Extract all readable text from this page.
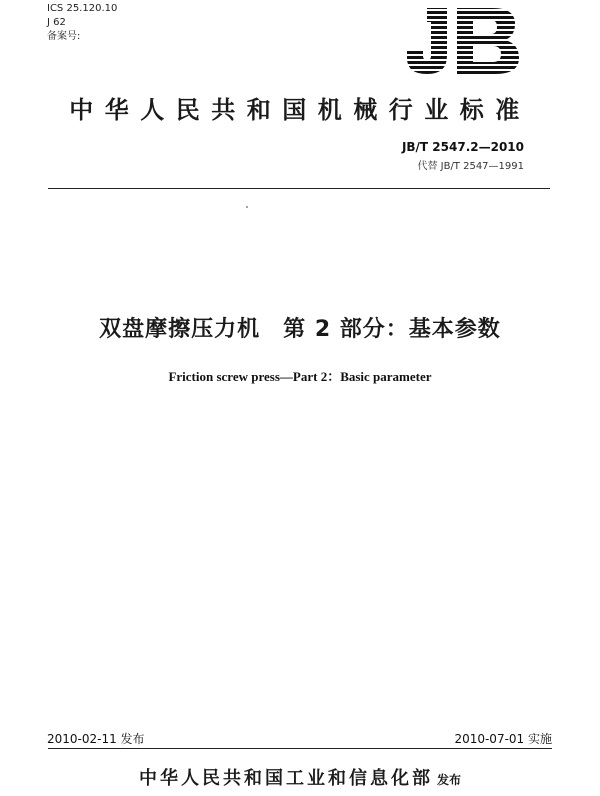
ICS 25.120.10
J 62
备案号:
中华人民共和国机械行业标准
JB/T 2547.2—2010
代替 JB/T 2547—1991
双盘摩擦压力机　第 2 部分：基本参数
Friction screw press—Part 2：Basic parameter
2010-02-11 发布	2010-07-01 实施
中华人民共和国工业和信息化部 发布
